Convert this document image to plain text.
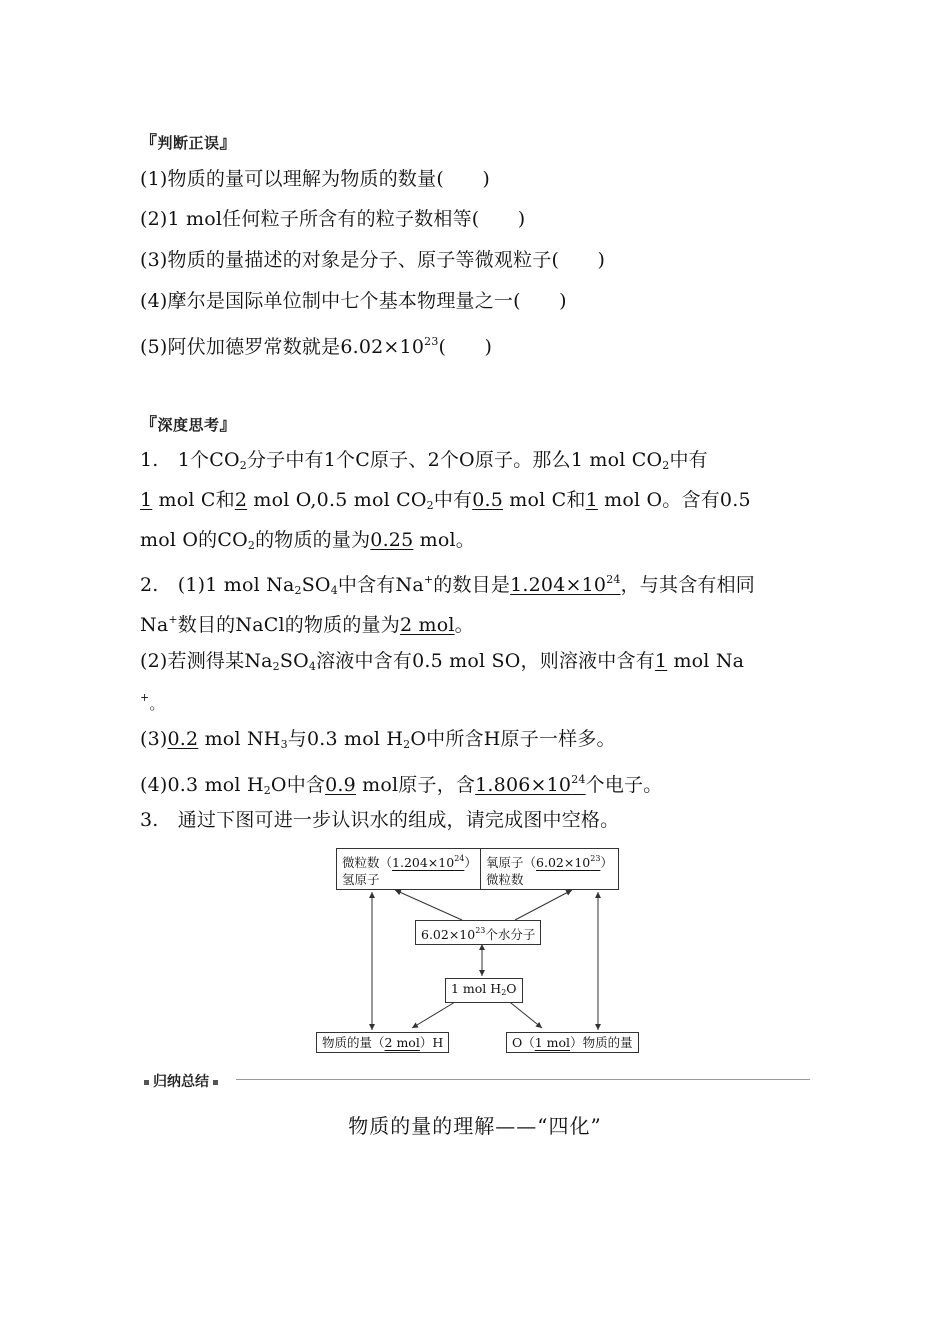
『判断正误』
(1)物质的量可以理解为物质的数量(　　)
(2)1 mol任何粒子所含有的粒子数相等(　　)
(3)物质的量描述的对象是分子、原子等微观粒子(　　)
(4)摩尔是国际单位制中七个基本物理量之一(　　)
(5)阿伏加德罗常数就是$6.02\times 10^{23}$(　　)
『深度思考』
1.　1个$CO_2$分子中有1个C原子、2个O原子。那么1 mol $CO_2$中有
1 mol C和2 mol O,0.5 mol $CO_2$中有0.5 mol C和1 mol O。含有0.5
mol O的$CO_2$的物质的量为0.25 mol。
2.　(1)1 mol $Na_2SO_4$中含有Na+的数目是$1.204\times 10^{24}$，与其含有相同
Na+数目的NaCl的物质的量为2 mol。
(2)若测得某$Na_2SO_4$溶液中含有0.5 mol SO，则溶液中含有1 mol Na
+。
(3)0.2 mol $NH_3$与0.3 mol $H_2O$中所含H原子一样多。
(4)0.3 mol $H_2O$中含0.9 mol原子，含$1.806\times 10^{24}$个电子。
3.　通过下图可进一步认识水的组成，请完成图中空格。
微粒数$(1.204\times 10^{24})$
氢原子
氧原子$(6.02\times 10^{23})$
微粒数
$6.02\times 10^{23}$个水分子
1 mol $H_2O$
物质的量（2 mol）H	O（1 mol）物质的量
归纳总结
物质的量的理解——“四化”
